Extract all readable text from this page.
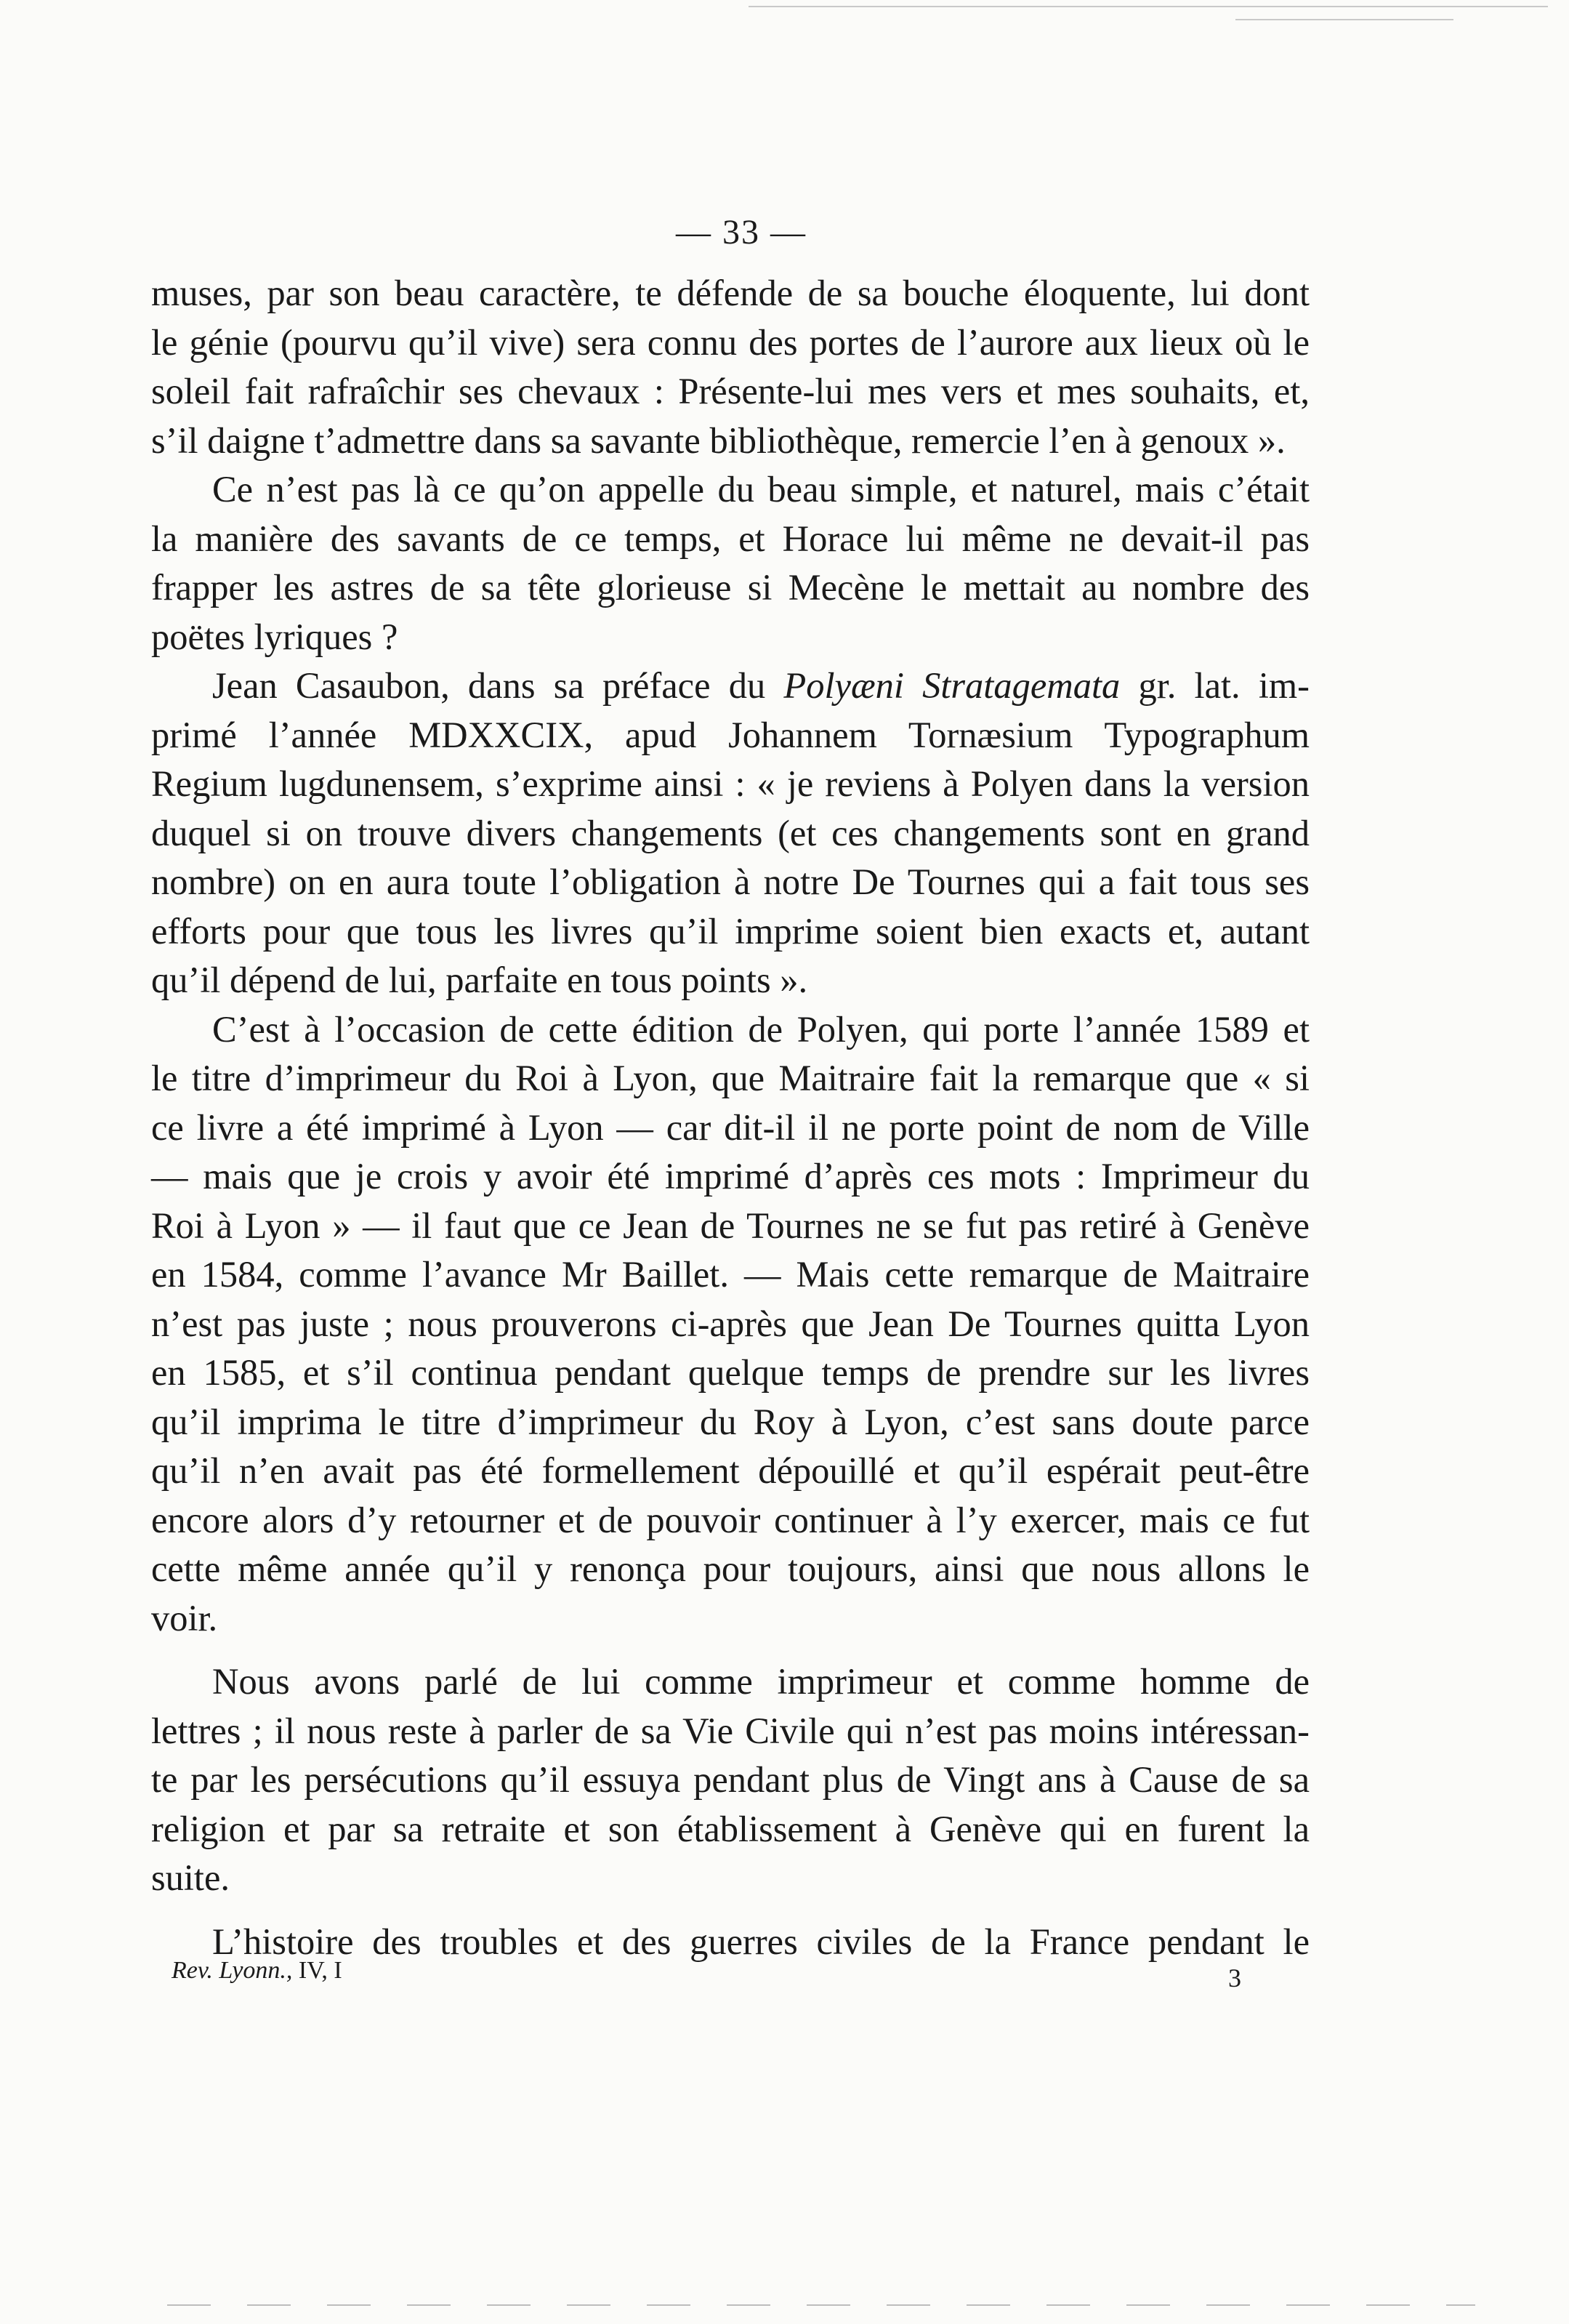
— 33 —

muses, par son beau caractère, te défende de sa bouche éloquente, lui dont
le génie (pourvu qu’il vive) sera connu des portes de l’aurore aux lieux où le
soleil fait rafraîchir ses chevaux : Présente-lui mes vers et mes souhaits, et,
s’il daigne t’admettre dans sa savante bibliothèque, remercie l’en à genoux ».

Ce n’est pas là ce qu’on appelle du beau simple, et naturel, mais c’était
la manière des savants de ce temps, et Horace lui même ne devait-il pas
frapper les astres de sa tête glorieuse si Mecène le mettait au nombre des
poëtes lyriques ?

Jean Casaubon, dans sa préface du Polyæni Stratagemata gr. lat. im-
primé l’année MDXXCIX, apud Johannem Tornæsium Typographum
Regium lugdunensem, s’exprime ainsi : « je reviens à Polyen dans la version
duquel si on trouve divers changements (et ces changements sont en grand
nombre) on en aura toute l’obligation à notre De Tournes qui a fait tous ses
efforts pour que tous les livres qu’il imprime soient bien exacts et, autant
qu’il dépend de lui, parfaite en tous points ».

C’est à l’occasion de cette édition de Polyen, qui porte l’année 1589 et
le titre d’imprimeur du Roi à Lyon, que Maitraire fait la remarque que « si
ce livre a été imprimé à Lyon — car dit-il il ne porte point de nom de Ville
— mais que je crois y avoir été imprimé d’après ces mots : Imprimeur du
Roi à Lyon » — il faut que ce Jean de Tournes ne se fut pas retiré à Genève
en 1584, comme l’avance Mr Baillet. — Mais cette remarque de Maitraire
n’est pas juste ; nous prouverons ci-après que Jean De Tournes quitta Lyon
en 1585, et s’il continua pendant quelque temps de prendre sur les livres
qu’il imprima le titre d’imprimeur du Roy à Lyon, c’est sans doute parce
qu’il n’en avait pas été formellement dépouillé et qu’il espérait peut-être
encore alors d’y retourner et de pouvoir continuer à l’y exercer, mais ce fut
cette même année qu’il y renonça pour toujours, ainsi que nous allons le
voir.

Nous avons parlé de lui comme imprimeur et comme homme de
lettres ; il nous reste à parler de sa Vie Civile qui n’est pas moins intéressan-
te par les persécutions qu’il essuya pendant plus de Vingt ans à Cause de sa
religion et par sa retraite et son établissement à Genève qui en furent la
suite.

L’histoire des troubles et des guerres civiles de la France pendant le

Rev. Lyonn., IV, I	3
